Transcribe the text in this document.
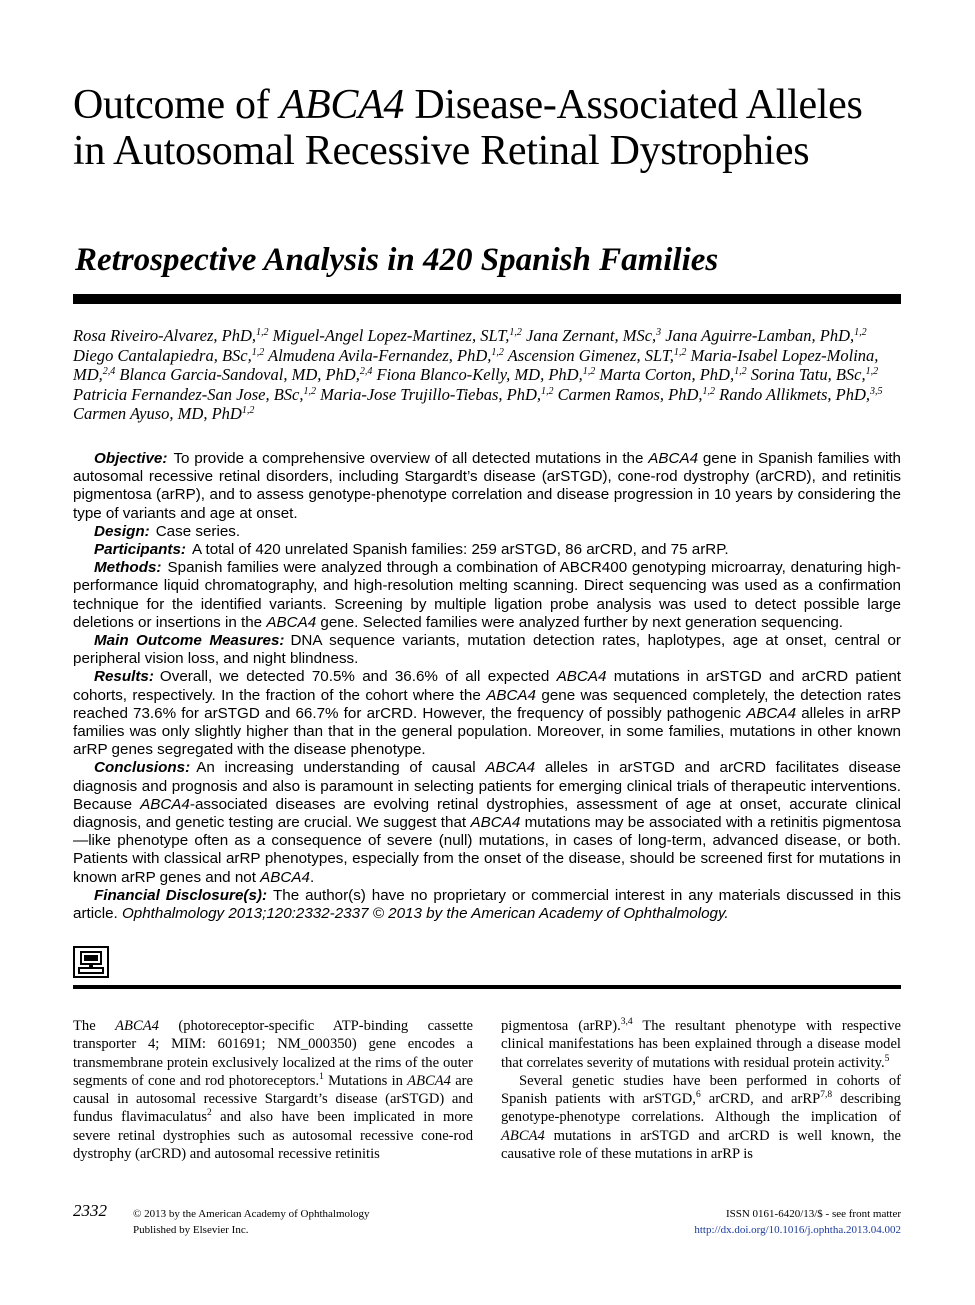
Outcome of ABCA4 Disease-Associated Alleles in Autosomal Recessive Retinal Dystrophies
Retrospective Analysis in 420 Spanish Families
Rosa Riveiro-Alvarez, PhD,$^{1,2}$ Miguel-Angel Lopez-Martinez, SLT,$^{1,2}$ Jana Zernant, MSc,$^3$ Jana Aguirre-Lamban, PhD,$^{1,2}$ Diego Cantalapiedra, BSc,$^{1,2}$ Almudena Avila-Fernandez, PhD,$^{1,2}$ Ascension Gimenez, SLT,$^{1,2}$ Maria-Isabel Lopez-Molina, MD,$^{2,4}$ Blanca Garcia-Sandoval, MD, PhD,$^{2,4}$ Fiona Blanco-Kelly, MD, PhD,$^{1,2}$ Marta Corton, PhD,$^{1,2}$ Sorina Tatu, BSc,$^{1,2}$ Patricia Fernandez-San Jose, BSc,$^{1,2}$ Maria-Jose Trujillo-Tiebas, PhD,$^{1,2}$ Carmen Ramos, PhD,$^{1,2}$ Rando Allikmets, PhD,$^{3,5}$ Carmen Ayuso, MD, PhD$^{1,2}$

Objective: To provide a comprehensive overview of all detected mutations in the ABCA4 gene in Spanish families with autosomal recessive retinal disorders, including Stargardt’s disease (arSTGD), cone-rod dystrophy (arCRD), and retinitis pigmentosa (arRP), and to assess genotype-phenotype correlation and disease progression in 10 years by considering the type of variants and age at onset.

Design: Case series.

Participants: A total of 420 unrelated Spanish families: 259 arSTGD, 86 arCRD, and 75 arRP.

Methods: Spanish families were analyzed through a combination of ABCR400 genotyping microarray, denaturing high-performance liquid chromatography, and high-resolution melting scanning. Direct sequencing was used as a confirmation technique for the identified variants. Screening by multiple ligation probe analysis was used to detect possible large deletions or insertions in the ABCA4 gene. Selected families were analyzed further by next generation sequencing.

Main Outcome Measures: DNA sequence variants, mutation detection rates, haplotypes, age at onset, central or peripheral vision loss, and night blindness.

Results: Overall, we detected 70.5% and 36.6% of all expected ABCA4 mutations in arSTGD and arCRD patient cohorts, respectively. In the fraction of the cohort where the ABCA4 gene was sequenced completely, the detection rates reached 73.6% for arSTGD and 66.7% for arCRD. However, the frequency of possibly pathogenic ABCA4 alleles in arRP families was only slightly higher than that in the general population. Moreover, in some families, mutations in other known arRP genes segregated with the disease phenotype.

Conclusions: An increasing understanding of causal ABCA4 alleles in arSTGD and arCRD facilitates disease diagnosis and prognosis and also is paramount in selecting patients for emerging clinical trials of therapeutic interventions. Because ABCA4-associated diseases are evolving retinal dystrophies, assessment of age at onset, accurate clinical diagnosis, and genetic testing are crucial. We suggest that ABCA4 mutations may be associated with a retinitis pigmentosa—like phenotype often as a consequence of severe (null) mutations, in cases of long-term, advanced disease, or both. Patients with classical arRP phenotypes, especially from the onset of the disease, should be screened first for mutations in known arRP genes and not ABCA4.

Financial Disclosure(s): The author(s) have no proprietary or commercial interest in any materials discussed in this article. Ophthalmology 2013;120:2332-2337 © 2013 by the American Academy of Ophthalmology.

The ABCA4 (photoreceptor-specific ATP-binding cassette transporter 4; MIM: 601691; NM_000350) gene encodes a transmembrane protein exclusively localized at the rims of the outer segments of cone and rod photoreceptors.$^1$ Mutations in ABCA4 are causal in autosomal recessive Stargardt’s disease (arSTGD) and fundus flavimaculatus$^2$ and also have been implicated in more severe retinal dystrophies such as autosomal recessive cone-rod dystrophy (arCRD) and autosomal recessive retinitis

pigmentosa (arRP).$^{3,4}$ The resultant phenotype with respective clinical manifestations has been explained through a disease model that correlates severity of mutations with residual protein activity.$^5$

Several genetic studies have been performed in cohorts of Spanish patients with arSTGD,$^6$ arCRD, and arRP$^{7,8}$ describing genotype-phenotype correlations. Although the implication of ABCA4 mutations in arSTGD and arCRD is well known, the causative role of these mutations in arRP is

2332 © 2013 by the American Academy of Ophthalmology
Published by Elsevier Inc.
ISSN 0161-6420/13/$ - see front matter
http://dx.doi.org/10.1016/j.ophtha.2013.04.002
